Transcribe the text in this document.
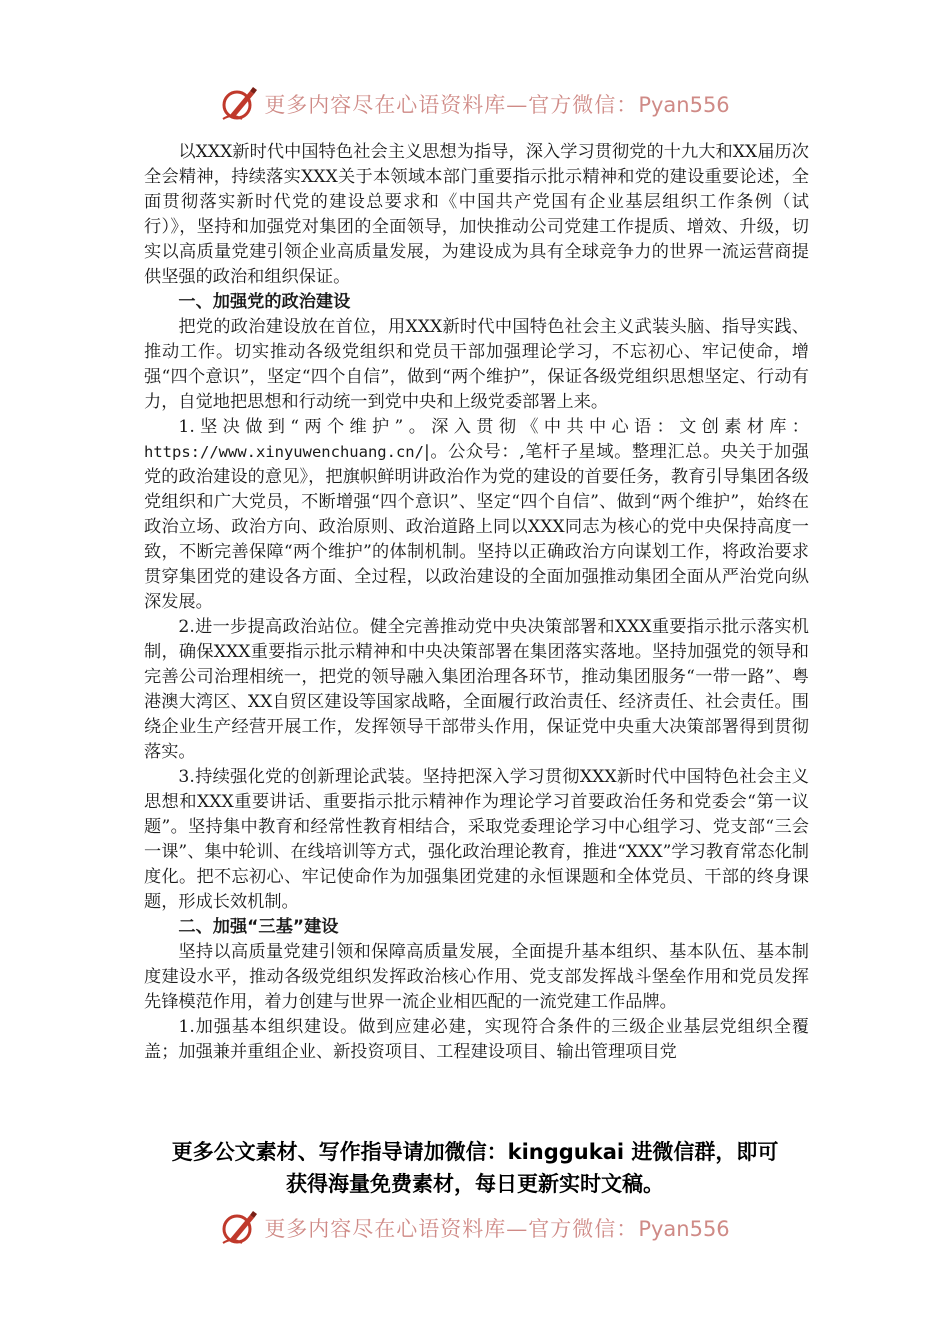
更多内容尽在心语资料库—官方微信：Pyan556

以XXX新时代中国特色社会主义思想为指导，深入学习贯彻党的十九大和XX届历次全会精神，持续落实XXX关于本领域本部门重要指示批示精神和党的建设重要论述，全面贯彻落实新时代党的建设总要求和《中国共产党国有企业基层组织工作条例（试行）》，坚持和加强党对集团的全面领导，加快推动公司党建工作提质、增效、升级，切实以高质量党建引领企业高质量发展，为建设成为具有全球竞争力的世界一流运营商提供坚强的政治和组织保证。

一、加强党的政治建设

把党的政治建设放在首位，用XXX新时代中国特色社会主义武装头脑、指导实践、推动工作。切实推动各级党组织和党员干部加强理论学习，不忘初心、牢记使命，增强“四个意识”，坚定“四个自信”，做到“两个维护”，保证各级党组织思想坚定、行动有力，自觉地把思想和行动统一到党中央和上级党委部署上来。

1.坚决做到“两个维护”。深入贯彻《中共中心语：文创素材库：https://www.xinyuwenchuang.cn/|。公众号：,笔杆子星域。整理汇总。央关于加强党的政治建设的意见》，把旗帜鲜明讲政治作为党的建设的首要任务，教育引导集团各级党组织和广大党员，不断增强“四个意识”、坚定“四个自信”、做到“两个维护”，始终在政治立场、政治方向、政治原则、政治道路上同以XXX同志为核心的党中央保持高度一致，不断完善保障“两个维护”的体制机制。坚持以正确政治方向谋划工作，将政治要求贯穿集团党的建设各方面、全过程，以政治建设的全面加强推动集团全面从严治党向纵深发展。

2.进一步提高政治站位。健全完善推动党中央决策部署和XXX重要指示批示落实机制，确保XXX重要指示批示精神和中央决策部署在集团落实落地。坚持加强党的领导和完善公司治理相统一，把党的领导融入集团治理各环节，推动集团服务“一带一路”、粤港澳大湾区、XX自贸区建设等国家战略，全面履行政治责任、经济责任、社会责任。围绕企业生产经营开展工作，发挥领导干部带头作用，保证党中央重大决策部署得到贯彻落实。

3.持续强化党的创新理论武装。坚持把深入学习贯彻XXX新时代中国特色社会主义思想和XXX重要讲话、重要指示批示精神作为理论学习首要政治任务和党委会“第一议题”。坚持集中教育和经常性教育相结合，采取党委理论学习中心组学习、党支部“三会一课”、集中轮训、在线培训等方式，强化政治理论教育，推进“XXX”学习教育常态化制度化。把不忘初心、牢记使命作为加强集团党建的永恒课题和全体党员、干部的终身课题，形成长效机制。

二、加强“三基”建设

坚持以高质量党建引领和保障高质量发展，全面提升基本组织、基本队伍、基本制度建设水平，推动各级党组织发挥政治核心作用、党支部发挥战斗堡垒作用和党员发挥先锋模范作用，着力创建与世界一流企业相匹配的一流党建工作品牌。

1.加强基本组织建设。做到应建必建，实现符合条件的三级企业基层党组织全覆盖；加强兼并重组企业、新投资项目、工程建设项目、输出管理项目党

更多公文素材、写作指导请加微信：kinggukai 进微信群，即可
获得海量免费素材，每日更新实时文稿。
更多内容尽在心语资料库—官方微信：Pyan556
